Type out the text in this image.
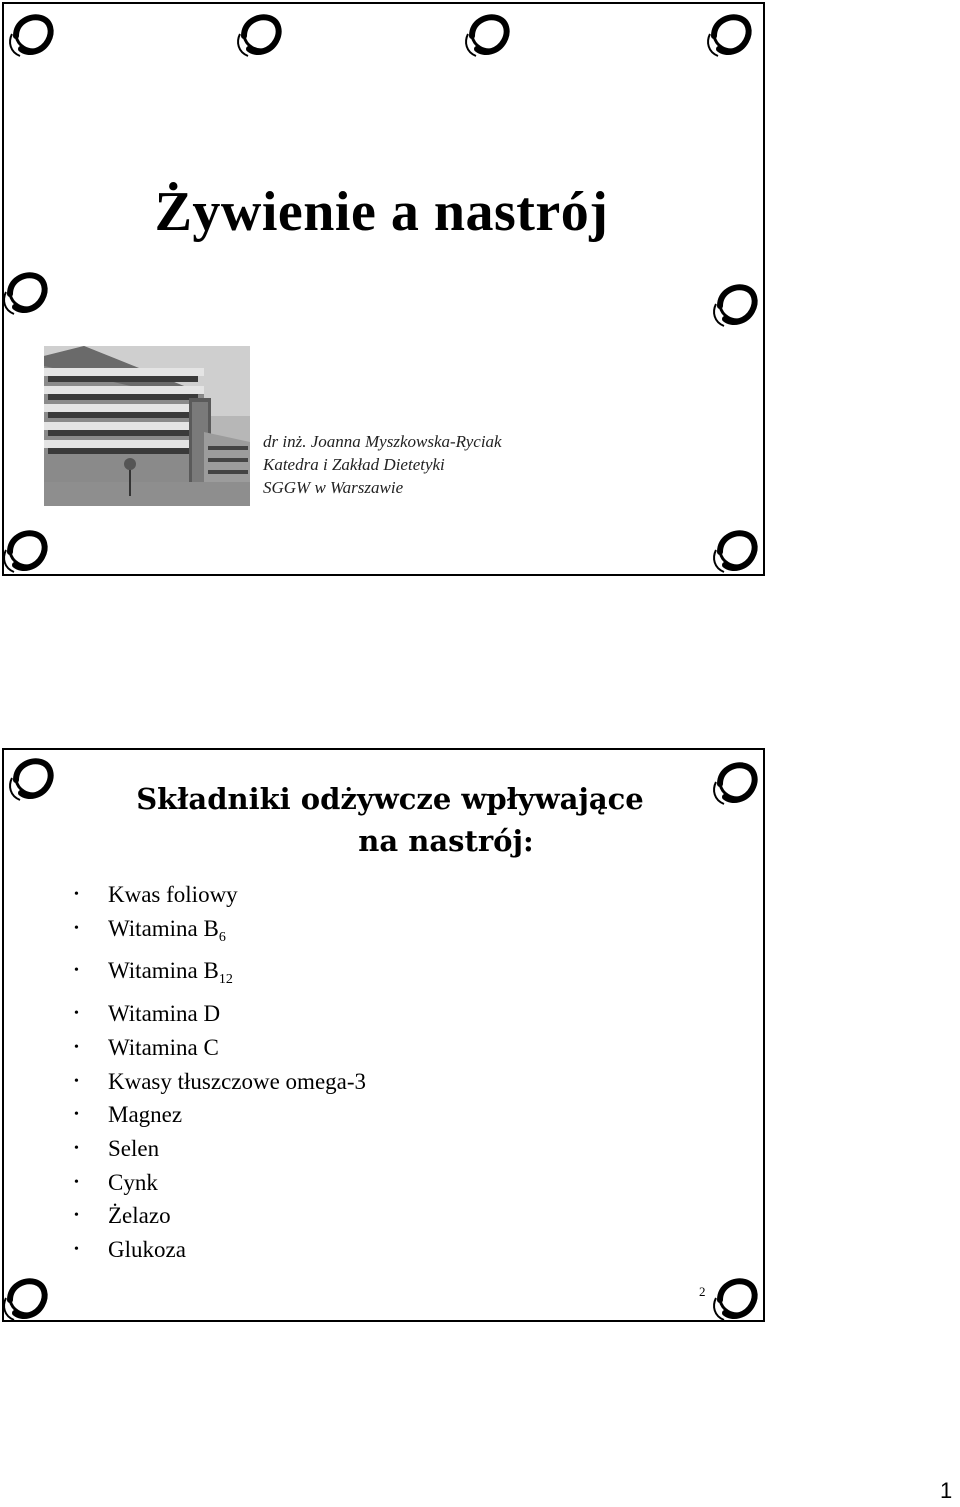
Żywienie a nastrój
dr inż. Joanna Myszkowska-Ryciak
Katedra i Zakład Dietetyki
SGGW w Warszawie
Składniki odżywcze wpływające
na nastrój:
• Kwas foliowy
• Witamina $B_6$
• Witamina $B_{12}$
• Witamina D
• Witamina C
• Kwasy tłuszczowe omega-3
• Magnez
• Selen
• Cynk
• Żelazo
• Glukoza
2
1
